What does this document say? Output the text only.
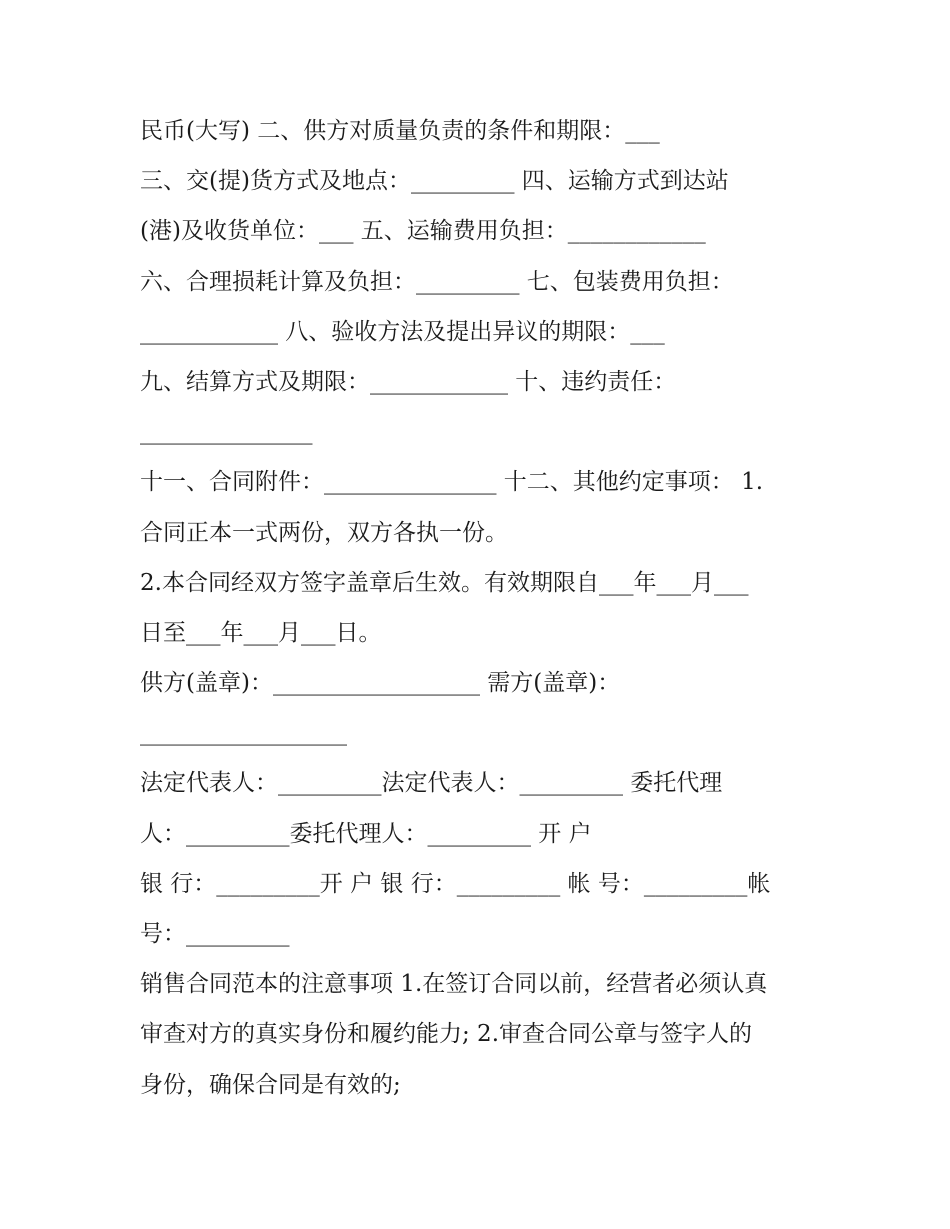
民币(大写) 二、供方对质量负责的条件和期限：___
三、交(提)货方式及地点：_________ 四、运输方式到达站
(港)及收货单位：___ 五、运输费用负担：____________
六、合理损耗计算及负担：_________ 七、包装费用负担：
____________ 八、验收方法及提出异议的期限：___
九、结算方式及期限：____________ 十、违约责任：
_______________
十一、合同附件：_______________ 十二、其他约定事项： 1.
合同正本一式两份，双方各执一份。
2.本合同经双方签字盖章后生效。有效期限自___年___月___
日至___年___月___日。
供方(盖章)：__________________ 需方(盖章)：
__________________
法定代表人：_________法定代表人：_________ 委托代理
人：_________委托代理人：_________ 开 户
银 行：_________开 户 银 行：_________ 帐 号：_________帐
号：_________
销售合同范本的注意事项 1.在签订合同以前，经营者必须认真
审查对方的真实身份和履约能力; 2.审查合同公章与签字人的
身份，确保合同是有效的;
